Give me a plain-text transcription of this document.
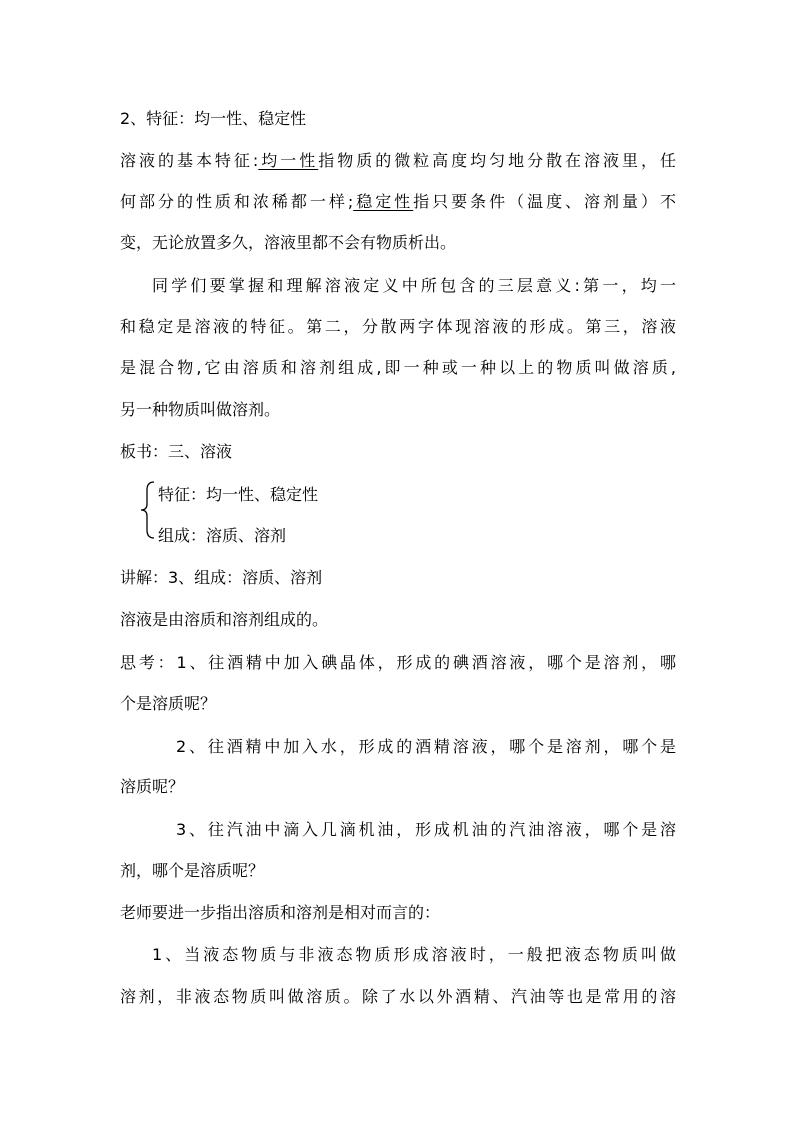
2、特征：均一性、稳定性
溶液的基本特征:均一性指物质的微粒高度均匀地分散在溶液里，任
何部分的性质和浓稀都一样;稳定性指只要条件（温度、溶剂量）不
变，无论放置多久，溶液里都不会有物质析出。
同学们要掌握和理解溶液定义中所包含的三层意义:第一，均一
和稳定是溶液的特征。第二，分散两字体现溶液的形成。第三，溶液
是混合物,它由溶质和溶剂组成,即一种或一种以上的物质叫做溶质,
另一种物质叫做溶剂。
板书：三、溶液
特征：均一性、稳定性
组成：溶质、溶剂
讲解：3、组成：溶质、溶剂
溶液是由溶质和溶剂组成的。
思考：1、往酒精中加入碘晶体，形成的碘酒溶液，哪个是溶剂，哪
个是溶质呢？
2、往酒精中加入水，形成的酒精溶液，哪个是溶剂，哪个是
溶质呢？
3、往汽油中滴入几滴机油，形成机油的汽油溶液，哪个是溶
剂，哪个是溶质呢？
老师要进一步指出溶质和溶剂是相对而言的：
1、当液态物质与非液态物质形成溶液时，一般把液态物质叫做
溶剂，非液态物质叫做溶质。除了水以外酒精、汽油等也是常用的溶
